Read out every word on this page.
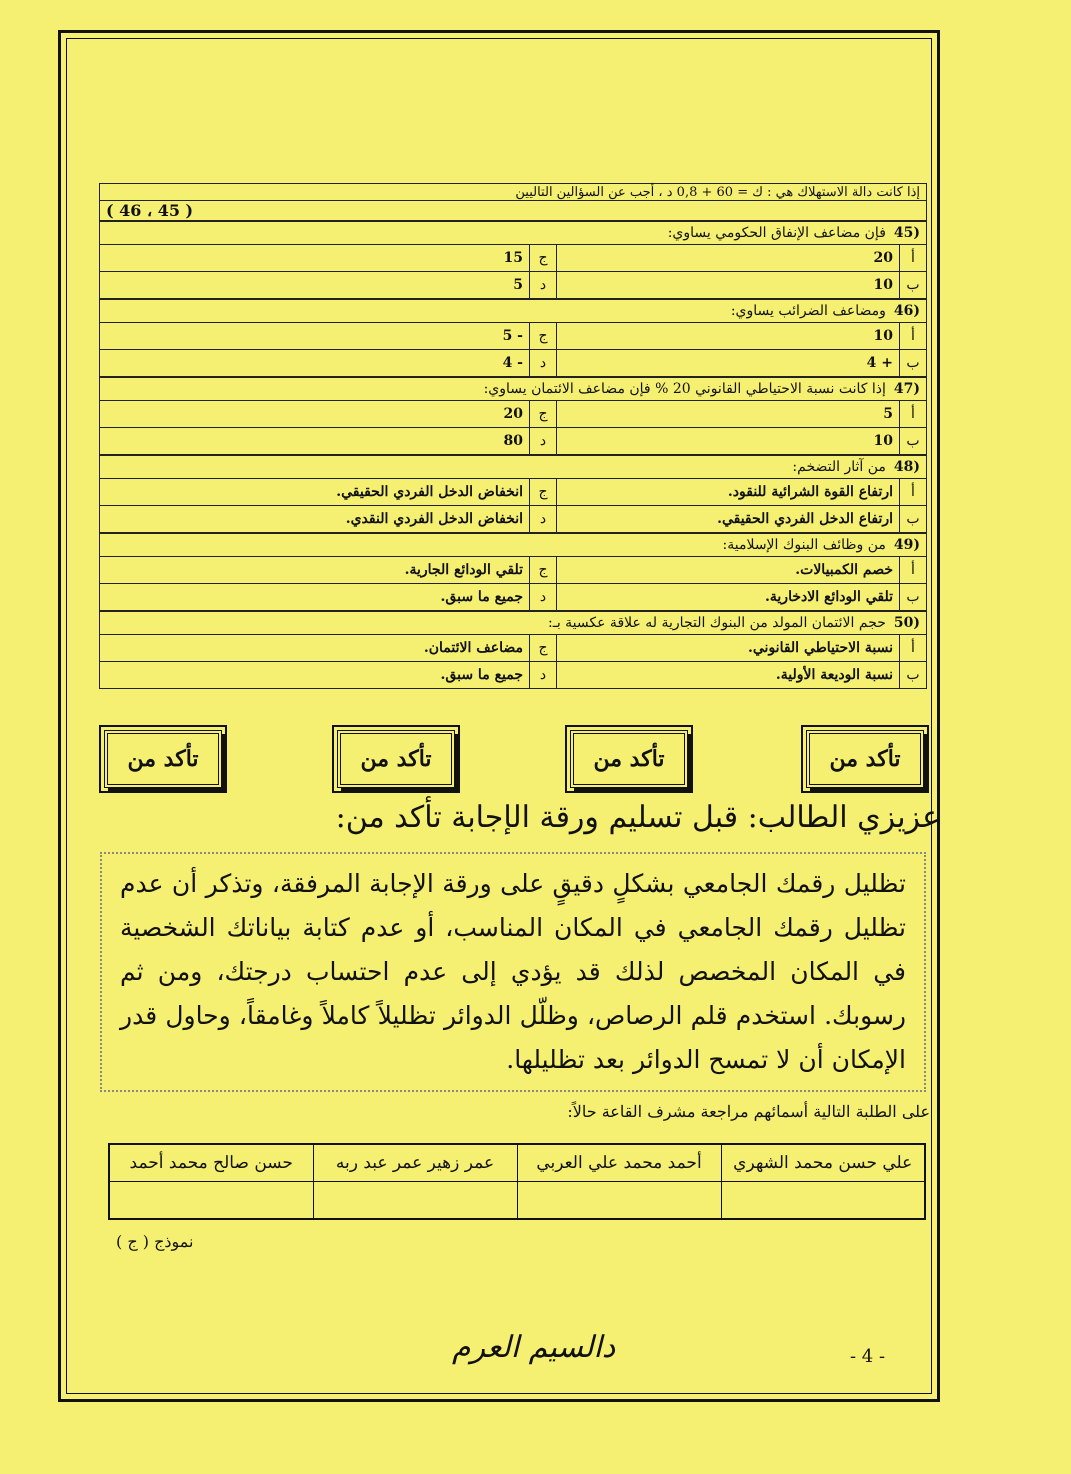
إذا كانت دالة الاستهلاك هي : ك = 60 + 0,8 د ، أجب عن السؤالين التاليين			
( 45 ، 46 )			
(45فإن مضاعف الإنفاق الحكومي يساوي:			
أ	20	ج	15
ب	10	د	5
(46ومضاعف الضرائب يساوي:			
أ	10	ج	- 5
ب	+ 4	د	- 4
(47إذا كانت نسبة الاحتياطي القانوني 20 % فإن مضاعف الائتمان يساوي:			
أ	5	ج	20
ب	10	د	80
(48من آثار التضخم:			
أ	ارتفاع القوة الشرائية للنقود.	ج	انخفاض الدخل الفردي الحقيقي.
ب	ارتفاع الدخل الفردي الحقيقي.	د	انخفاض الدخل الفردي النقدي.
(49من وظائف البنوك الإسلامية:			
أ	خصم الكمبيالات.	ج	تلقي الودائع الجارية.
ب	تلقي الودائع الادخارية.	د	جميع ما سبق.
(50حجم الائتمان المولد من البنوك التجارية له علاقة عكسية بـ:			
أ	نسبة الاحتياطي القانوني.	ج	مضاعف الائتمان.
ب	نسبة الوديعة الأولية.	د	جميع ما سبق.
تأكد من
تأكد من
تأكد من
تأكد من
عزيزي الطالب: قبل تسليم ورقة الإجابة تأكد من:
تظليل رقمك الجامعي بشكلٍ دقيقٍ على ورقة الإجابة المرفقة، وتذكر أن عدم تظليل رقمك الجامعي في المكان المناسب، أو عدم كتابة بياناتك الشخصية في المكان المخصص لذلك قد يؤدي إلى عدم احتساب درجتك، ومن ثم رسوبك. استخدم قلم الرصاص، وظلّل الدوائر تظليلاً كاملاً وغامقاً، وحاول قدر الإمكان أن لا تمسح الدوائر بعد تظليلها.
على الطلبة التالية أسمائهم مراجعة مشرف القاعة حالاً:
علي حسن محمد الشهري	أحمد محمد علي العربي	عمر زهير عمر عبد ربه	حسن صالح محمد أحمد

نموذج ( ج )
دالسيم العرم	- 4 -
